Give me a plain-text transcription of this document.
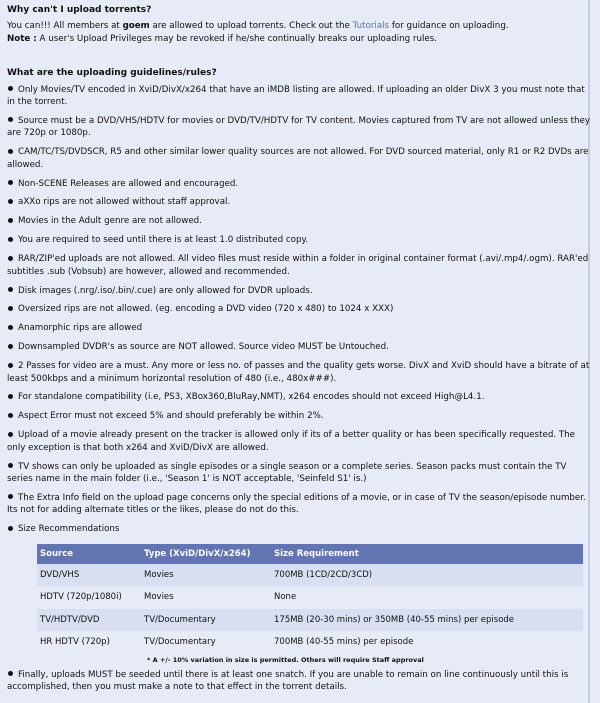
Why can't I upload torrents?

You can!!! All members at goem are allowed to upload torrents. Check out the Tutorials for guidance on uploading.
Note : A user's Upload Privileges may be revoked if he/she continually breaks our uploading rules.

What are the uploading guidelines/rules?
Only Movies/TV encoded in XviD/DivX/x264 that have an iMDB listing are allowed. If uploading an older DivX 3 you must note that in the torrent.
Source must be a DVD/VHS/HDTV for movies or DVD/TV/HDTV for TV content. Movies captured from TV are not allowed unless they are 720p or 1080p.
CAM/TC/TS/DVDSCR, R5 and other similar lower quality sources are not allowed. For DVD sourced material, only R1 or R2 DVDs are allowed.
Non-SCENE Releases are allowed and encouraged.
aXXo rips are not allowed without staff approval.
Movies in the Adult genre are not allowed.
You are required to seed until there is at least 1.0 distributed copy.
RAR/ZIP'ed uploads are not allowed. All video files must reside within a folder in original container format (.avi/.mp4/.ogm). RAR'ed subtitles .sub (Vobsub) are however, allowed and recommended.
Disk images (.nrg/.iso/.bin/.cue) are only allowed for DVDR uploads.
Oversized rips are not allowed. (eg. encoding a DVD video (720 x 480) to 1024 x XXX)
Anamorphic rips are allowed
Downsampled DVDR's as source are NOT allowed. Source video MUST be Untouched.
2 Passes for video are a must. Any more or less no. of passes and the quality gets worse. DivX and XviD should have a bitrate of at least 500kbps and a minimum horizontal resolution of 480 (i.e., 480x###).
For standalone compatibility (i.e, PS3, XBox360,BluRay,NMT), x264 encodes should not exceed High@L4.1.
Aspect Error must not exceed 5% and should preferably be within 2%.
Upload of a movie already present on the tracker is allowed only if its of a better quality or has been specifically requested. The only exception is that both x264 and XviD/DivX are allowed.
TV shows can only be uploaded as single episodes or a single season or a complete series. Season packs must contain the TV series name in the main folder (i.e., 'Season 1' is NOT acceptable, 'Seinfeld S1' is.)
The Extra Info field on the upload page concerns only the special editions of a movie, or in case of TV the season/episode number. Its not for adding alternate titles or the likes, please do not do this.
Size Recommendations
Source	Type (XviD/DivX/x264)	Size Requirement
DVD/VHS	Movies	700MB (1CD/2CD/3CD)
HDTV (720p/1080i)	Movies	None
TV/HDTV/DVD	TV/Documentary	175MB (20-30 mins) or 350MB (40-55 mins) per episode
HR HDTV (720p)	TV/Documentary	700MB (40-55 mins) per episode
* A +/- 10% variation in size is permitted. Others will require Staff approval
Finally, uploads MUST be seeded until there is at least one snatch. If you are unable to remain on line continuously until this is accomplished, then you must make a note to that effect in the torrent details.
